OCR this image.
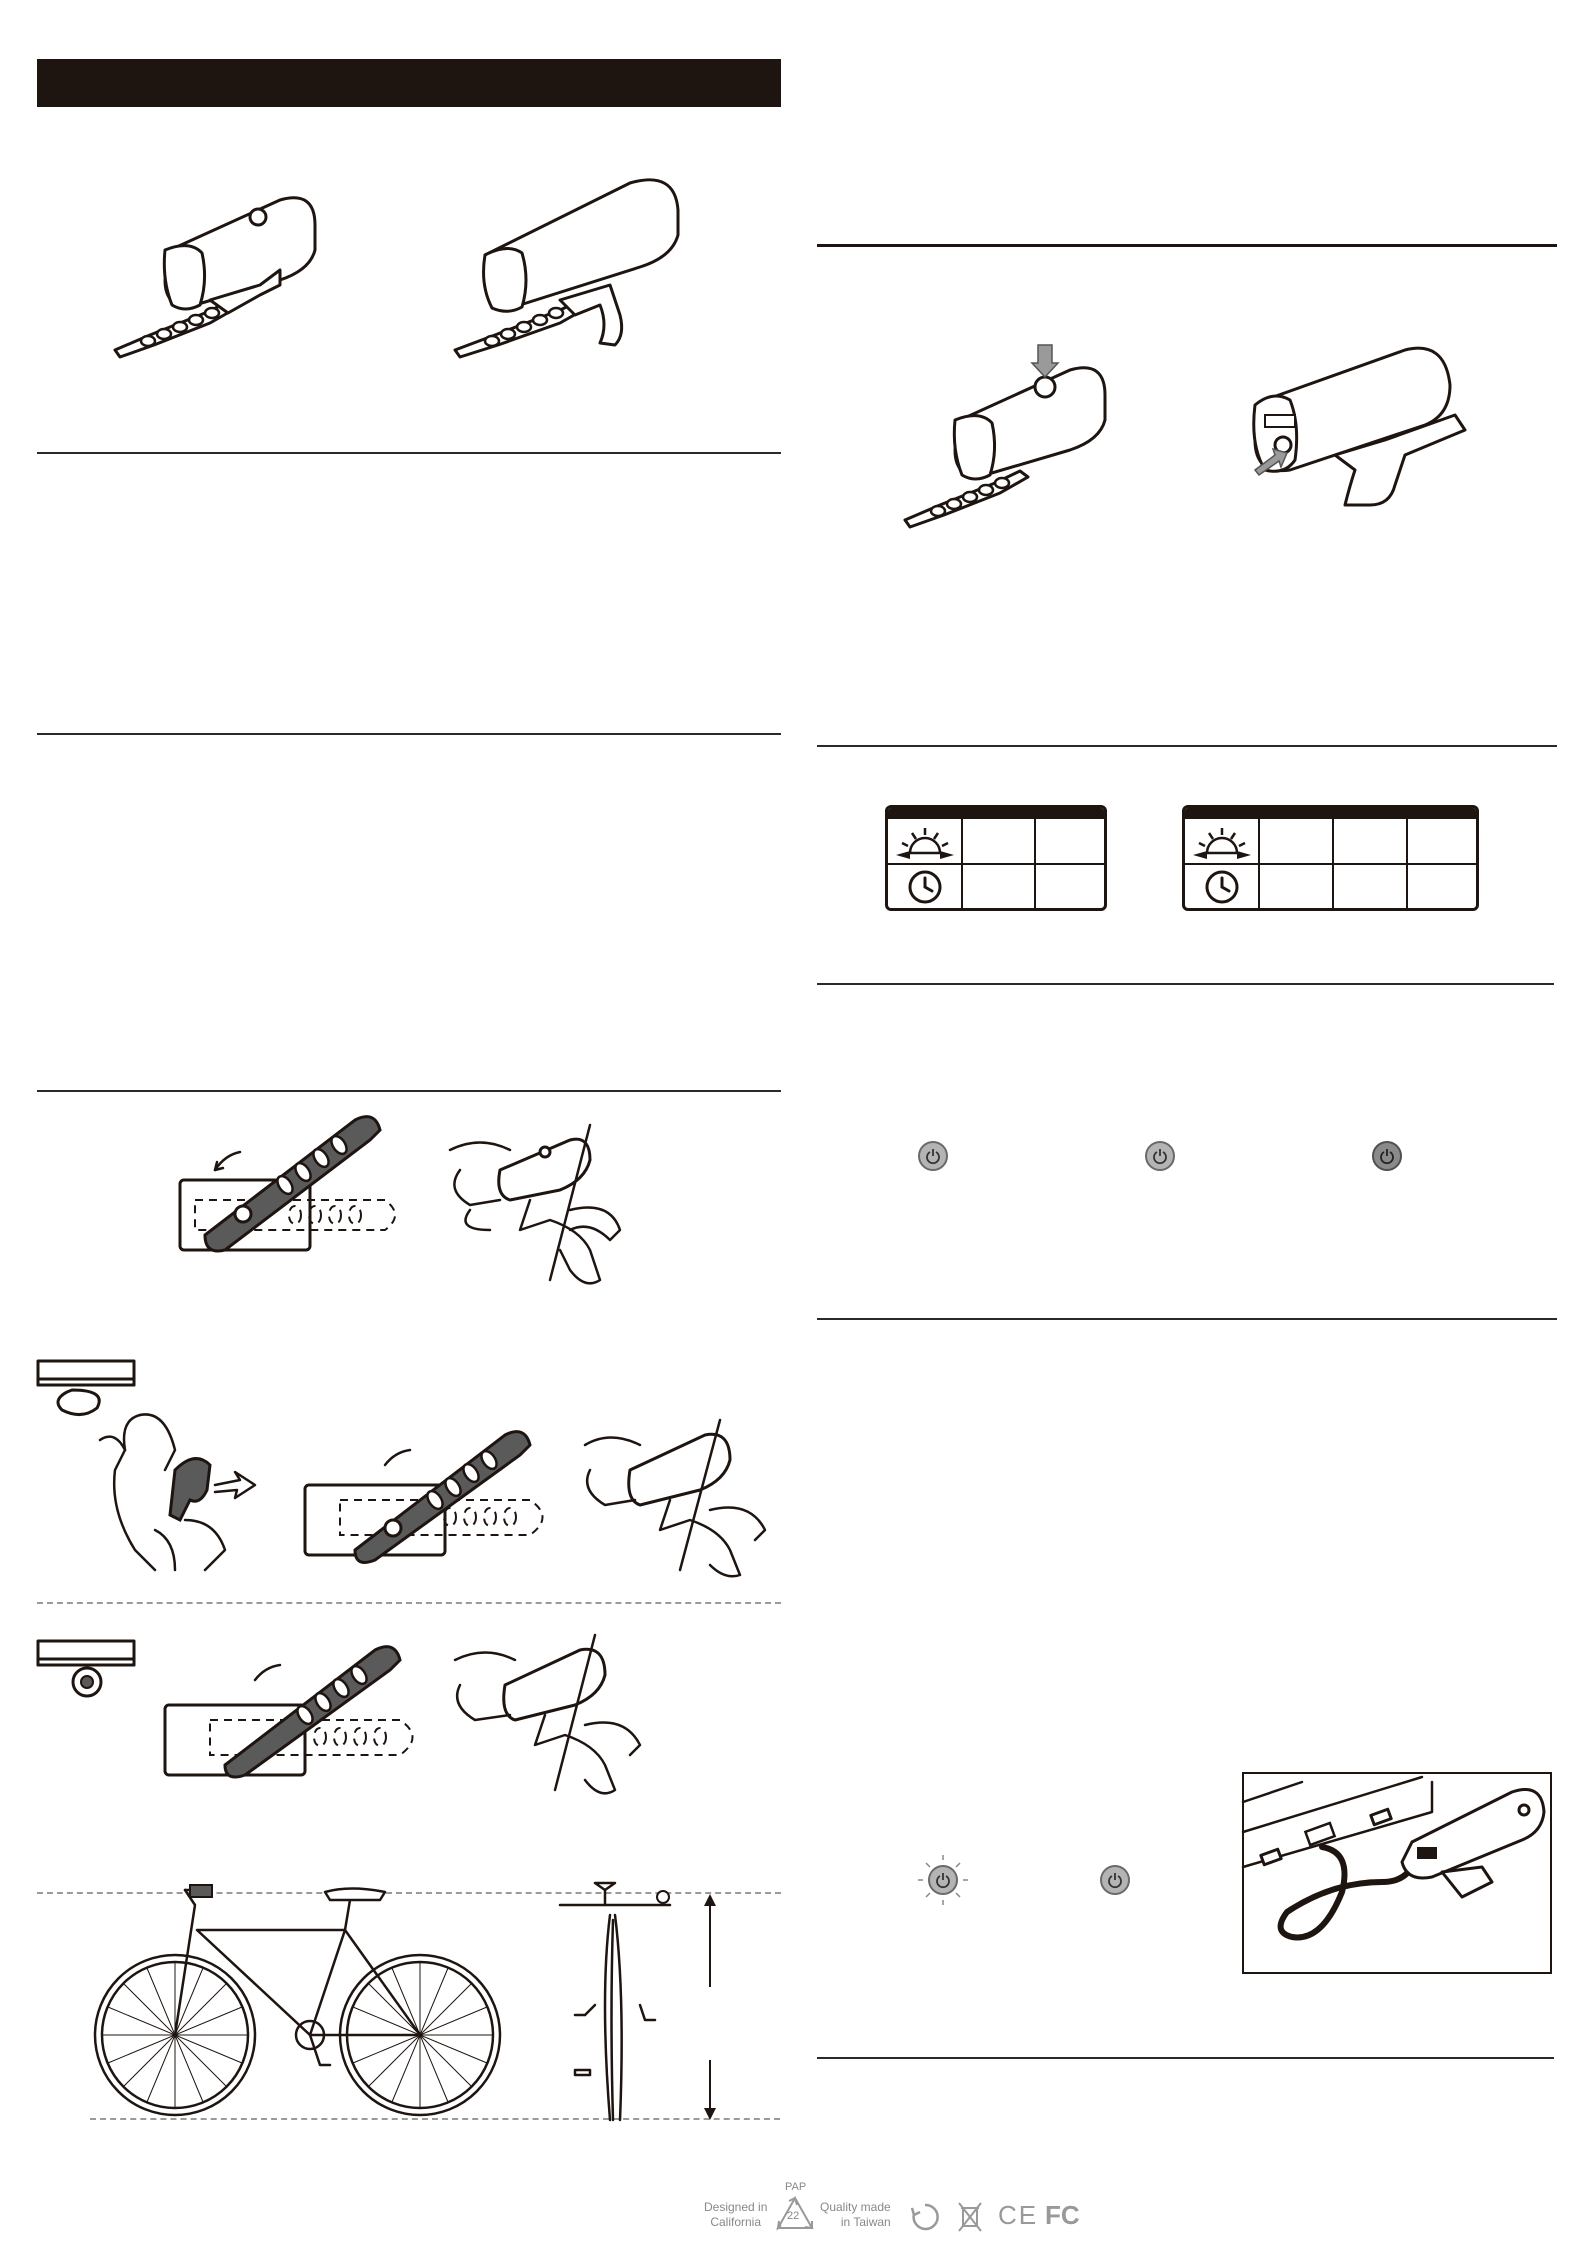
Designed in
California
PAP
22
Quality made
in Taiwan	CE FC
